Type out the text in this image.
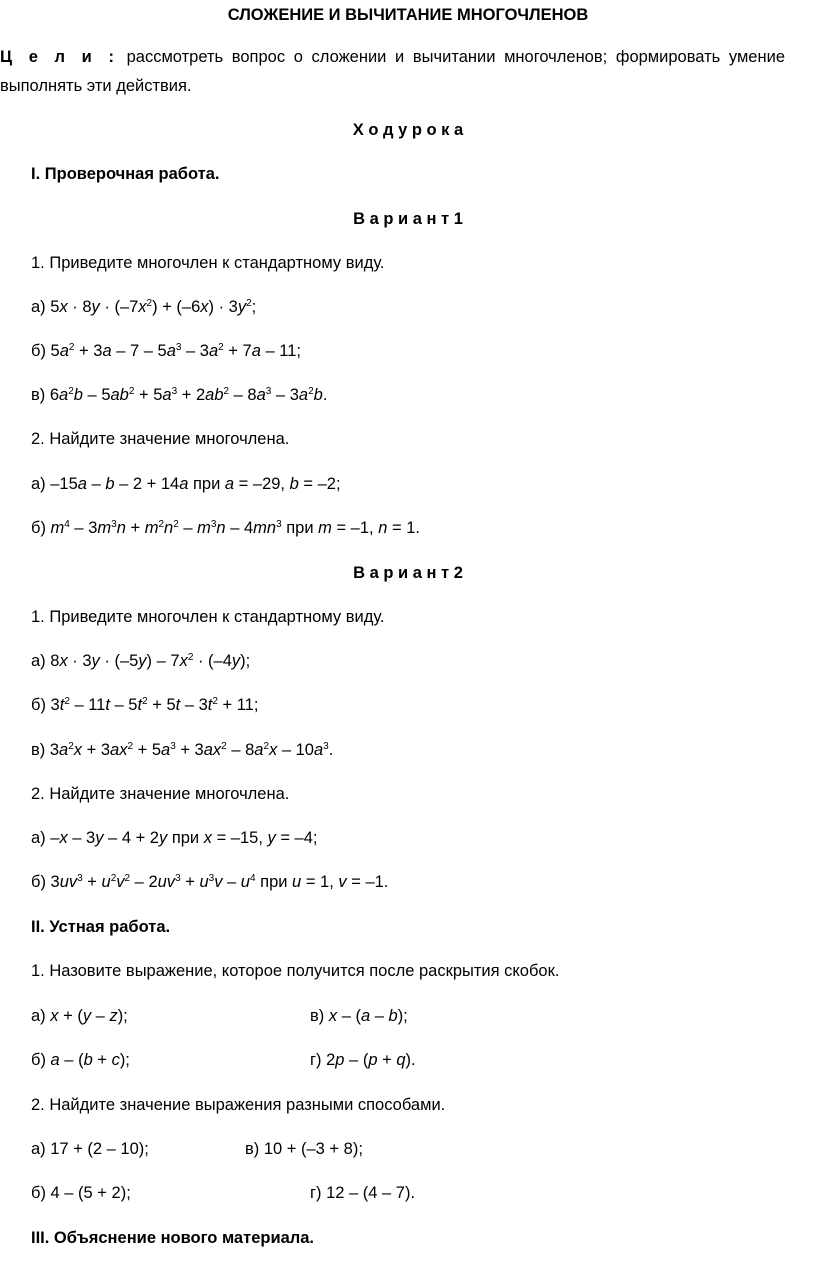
СЛОЖЕНИЕ И ВЫЧИТАНИЕ МНОГОЧЛЕНОВ
Ц е л и : рассмотреть вопрос о сложении и вычитании многочленов; формировать умение
выполнять эти действия.
Х о д у р о к а
I. Проверочная работа.
В а р и а н т 1
1. Приведите многочлен к стандартному виду.
а) $5x \cdot 8y \cdot (-7x^2) + (-6x) \cdot 3y^2$;
б) $5a^2 + 3a - 7 - 5a^3 - 3a^2 + 7a - 11$;
в) $6a^2b - 5ab^2 + 5a^3 + 2ab^2 - 8a^3 - 3a^2b$.
2. Найдите значение многочлена.
а) –15a – b – 2 + 14a при a = –29, b = –2;
б) $m^4 - 3m^3n + m^2n^2 - m^3n - 4mn^3$ при m = –1, n = 1.
В а р и а н т 2
1. Приведите многочлен к стандартному виду.
а) $8x \cdot 3y \cdot (-5y) - 7x^2 \cdot (-4y)$;
б) $3t^2 - 11t - 5t^2 + 5t - 3t^2 + 11$;
в) $3a^2x + 3ax^2 + 5a^3 + 3ax^2 - 8a^2x - 10a^3$.
2. Найдите значение многочлена.
а) –x – 3y – 4 + 2y при x = –15, y = –4;
б) $3uv^3 + u^2v^2 - 2uv^3 + u^3v - u^4$ при u = 1, v = –1.
II. Устная работа.
1. Назовите выражение, которое получится после раскрытия скобок.
а) x + (y – z);	в) x – (a – b);
б) a – (b + c);	г) 2p – (p + q).
2. Найдите значение выражения разными способами.
а) 17 + (2 – 10);	в) 10 + (–3 + 8);
б) 4 – (5 + 2);	г) 12 – (4 – 7).
III. Объяснение нового материала.
